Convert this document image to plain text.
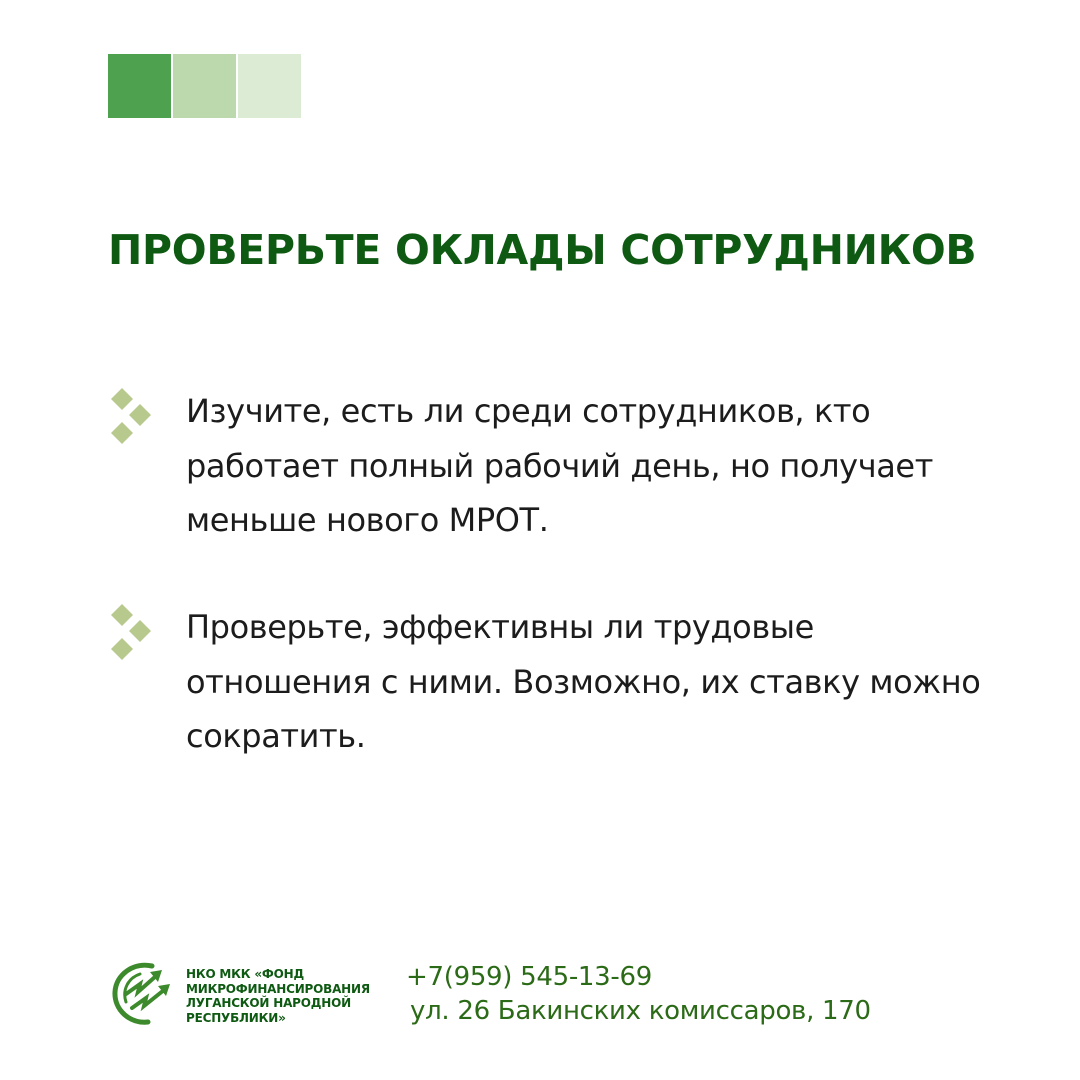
ПРОВЕРЬТЕ ОКЛАДЫ СОТРУДНИКОВ

Изучите, есть ли среди сотрудников, кто работает полный рабочий день, но получает меньше нового МРОТ.

Проверьте, эффективны ли трудовые отношения с ними. Возможно, их ставку можно сократить.

НКО МКК «ФОНД
МИКРОФИНАНСИРОВАНИЯ
ЛУГАНСКОЙ НАРОДНОЙ
РЕСПУБЛИКИ»

+7(959) 545-13-69

ул. 26 Бакинских комиссаров, 170
